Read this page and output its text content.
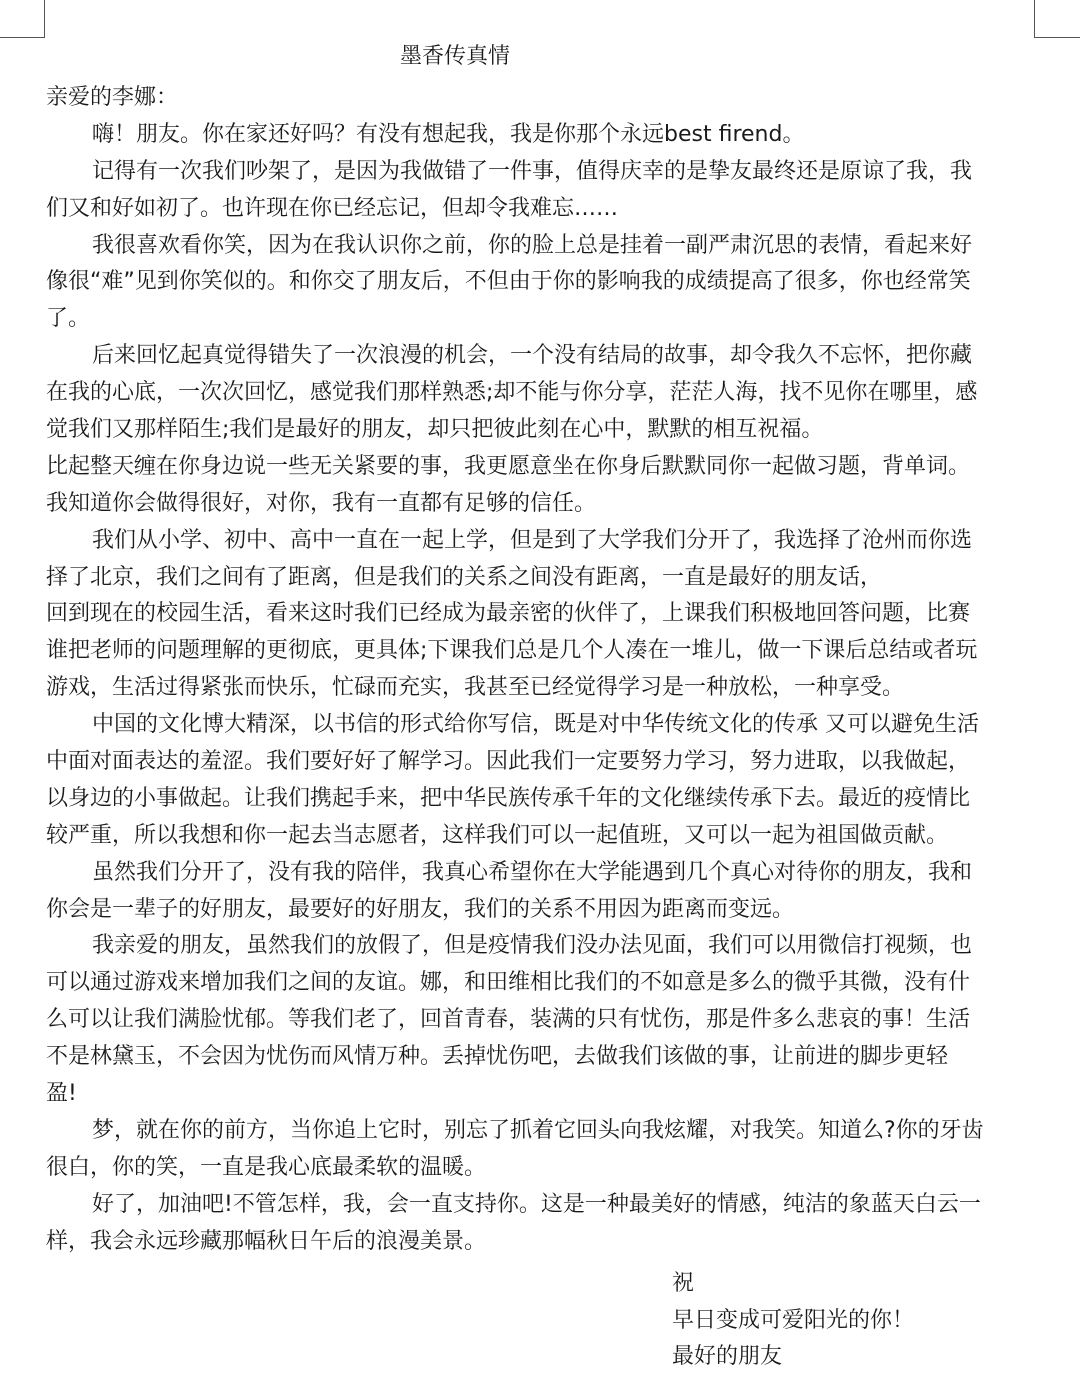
墨香传真情
亲爱的李娜：
嗨！朋友。你在家还好吗？有没有想起我，我是你那个永远best firend。
记得有一次我们吵架了，是因为我做错了一件事，值得庆幸的是挚友最终还是原谅了我，我
们又和好如初了。也许现在你已经忘记，但却令我难忘……
我很喜欢看你笑，因为在我认识你之前，你的脸上总是挂着一副严肃沉思的表情，看起来好
像很“难”见到你笑似的。和你交了朋友后，不但由于你的影响我的成绩提高了很多，你也经常笑
了。
后来回忆起真觉得错失了一次浪漫的机会，一个没有结局的故事，却令我久不忘怀，把你藏
在我的心底，一次次回忆，感觉我们那样熟悉;却不能与你分享，茫茫人海，找不见你在哪里，感
觉我们又那样陌生;我们是最好的朋友，却只把彼此刻在心中，默默的相互祝福。
比起整天缠在你身边说一些无关紧要的事，我更愿意坐在你身后默默同你一起做习题，背单词。
我知道你会做得很好，对你，我有一直都有足够的信任。
我们从小学、初中、高中一直在一起上学，但是到了大学我们分开了，我选择了沧州而你选
择了北京，我们之间有了距离，但是我们的关系之间没有距离，一直是最好的朋友话，
回到现在的校园生活，看来这时我们已经成为最亲密的伙伴了，上课我们积极地回答问题，比赛
谁把老师的问题理解的更彻底，更具体;下课我们总是几个人凑在一堆儿，做一下课后总结或者玩
游戏，生活过得紧张而快乐，忙碌而充实，我甚至已经觉得学习是一种放松，一种享受。
中国的文化博大精深，以书信的形式给你写信，既是对中华传统文化的传承 又可以避免生活
中面对面表达的羞涩。我们要好好了解学习。因此我们一定要努力学习，努力进取，以我做起，
以身边的小事做起。让我们携起手来，把中华民族传承千年的文化继续传承下去。最近的疫情比
较严重，所以我想和你一起去当志愿者，这样我们可以一起值班，又可以一起为祖国做贡献。
虽然我们分开了，没有我的陪伴，我真心希望你在大学能遇到几个真心对待你的朋友，我和
你会是一辈子的好朋友，最要好的好朋友，我们的关系不用因为距离而变远。
我亲爱的朋友，虽然我们的放假了，但是疫情我们没办法见面，我们可以用微信打视频，也
可以通过游戏来增加我们之间的友谊。娜，和田维相比我们的不如意是多么的微乎其微，没有什
么可以让我们满脸忧郁。等我们老了，回首青春，装满的只有忧伤，那是件多么悲哀的事！生活
不是林黛玉，不会因为忧伤而风情万种。丢掉忧伤吧，去做我们该做的事，让前进的脚步更轻
盈!
梦，就在你的前方，当你追上它时，别忘了抓着它回头向我炫耀，对我笑。知道么?你的牙齿
很白，你的笑，一直是我心底最柔软的温暖。
好了，加油吧!不管怎样，我，会一直支持你。这是一种最美好的情感，纯洁的象蓝天白云一
样，我会永远珍藏那幅秋日午后的浪漫美景。
祝
早日变成可爱阳光的你！
最好的朋友
